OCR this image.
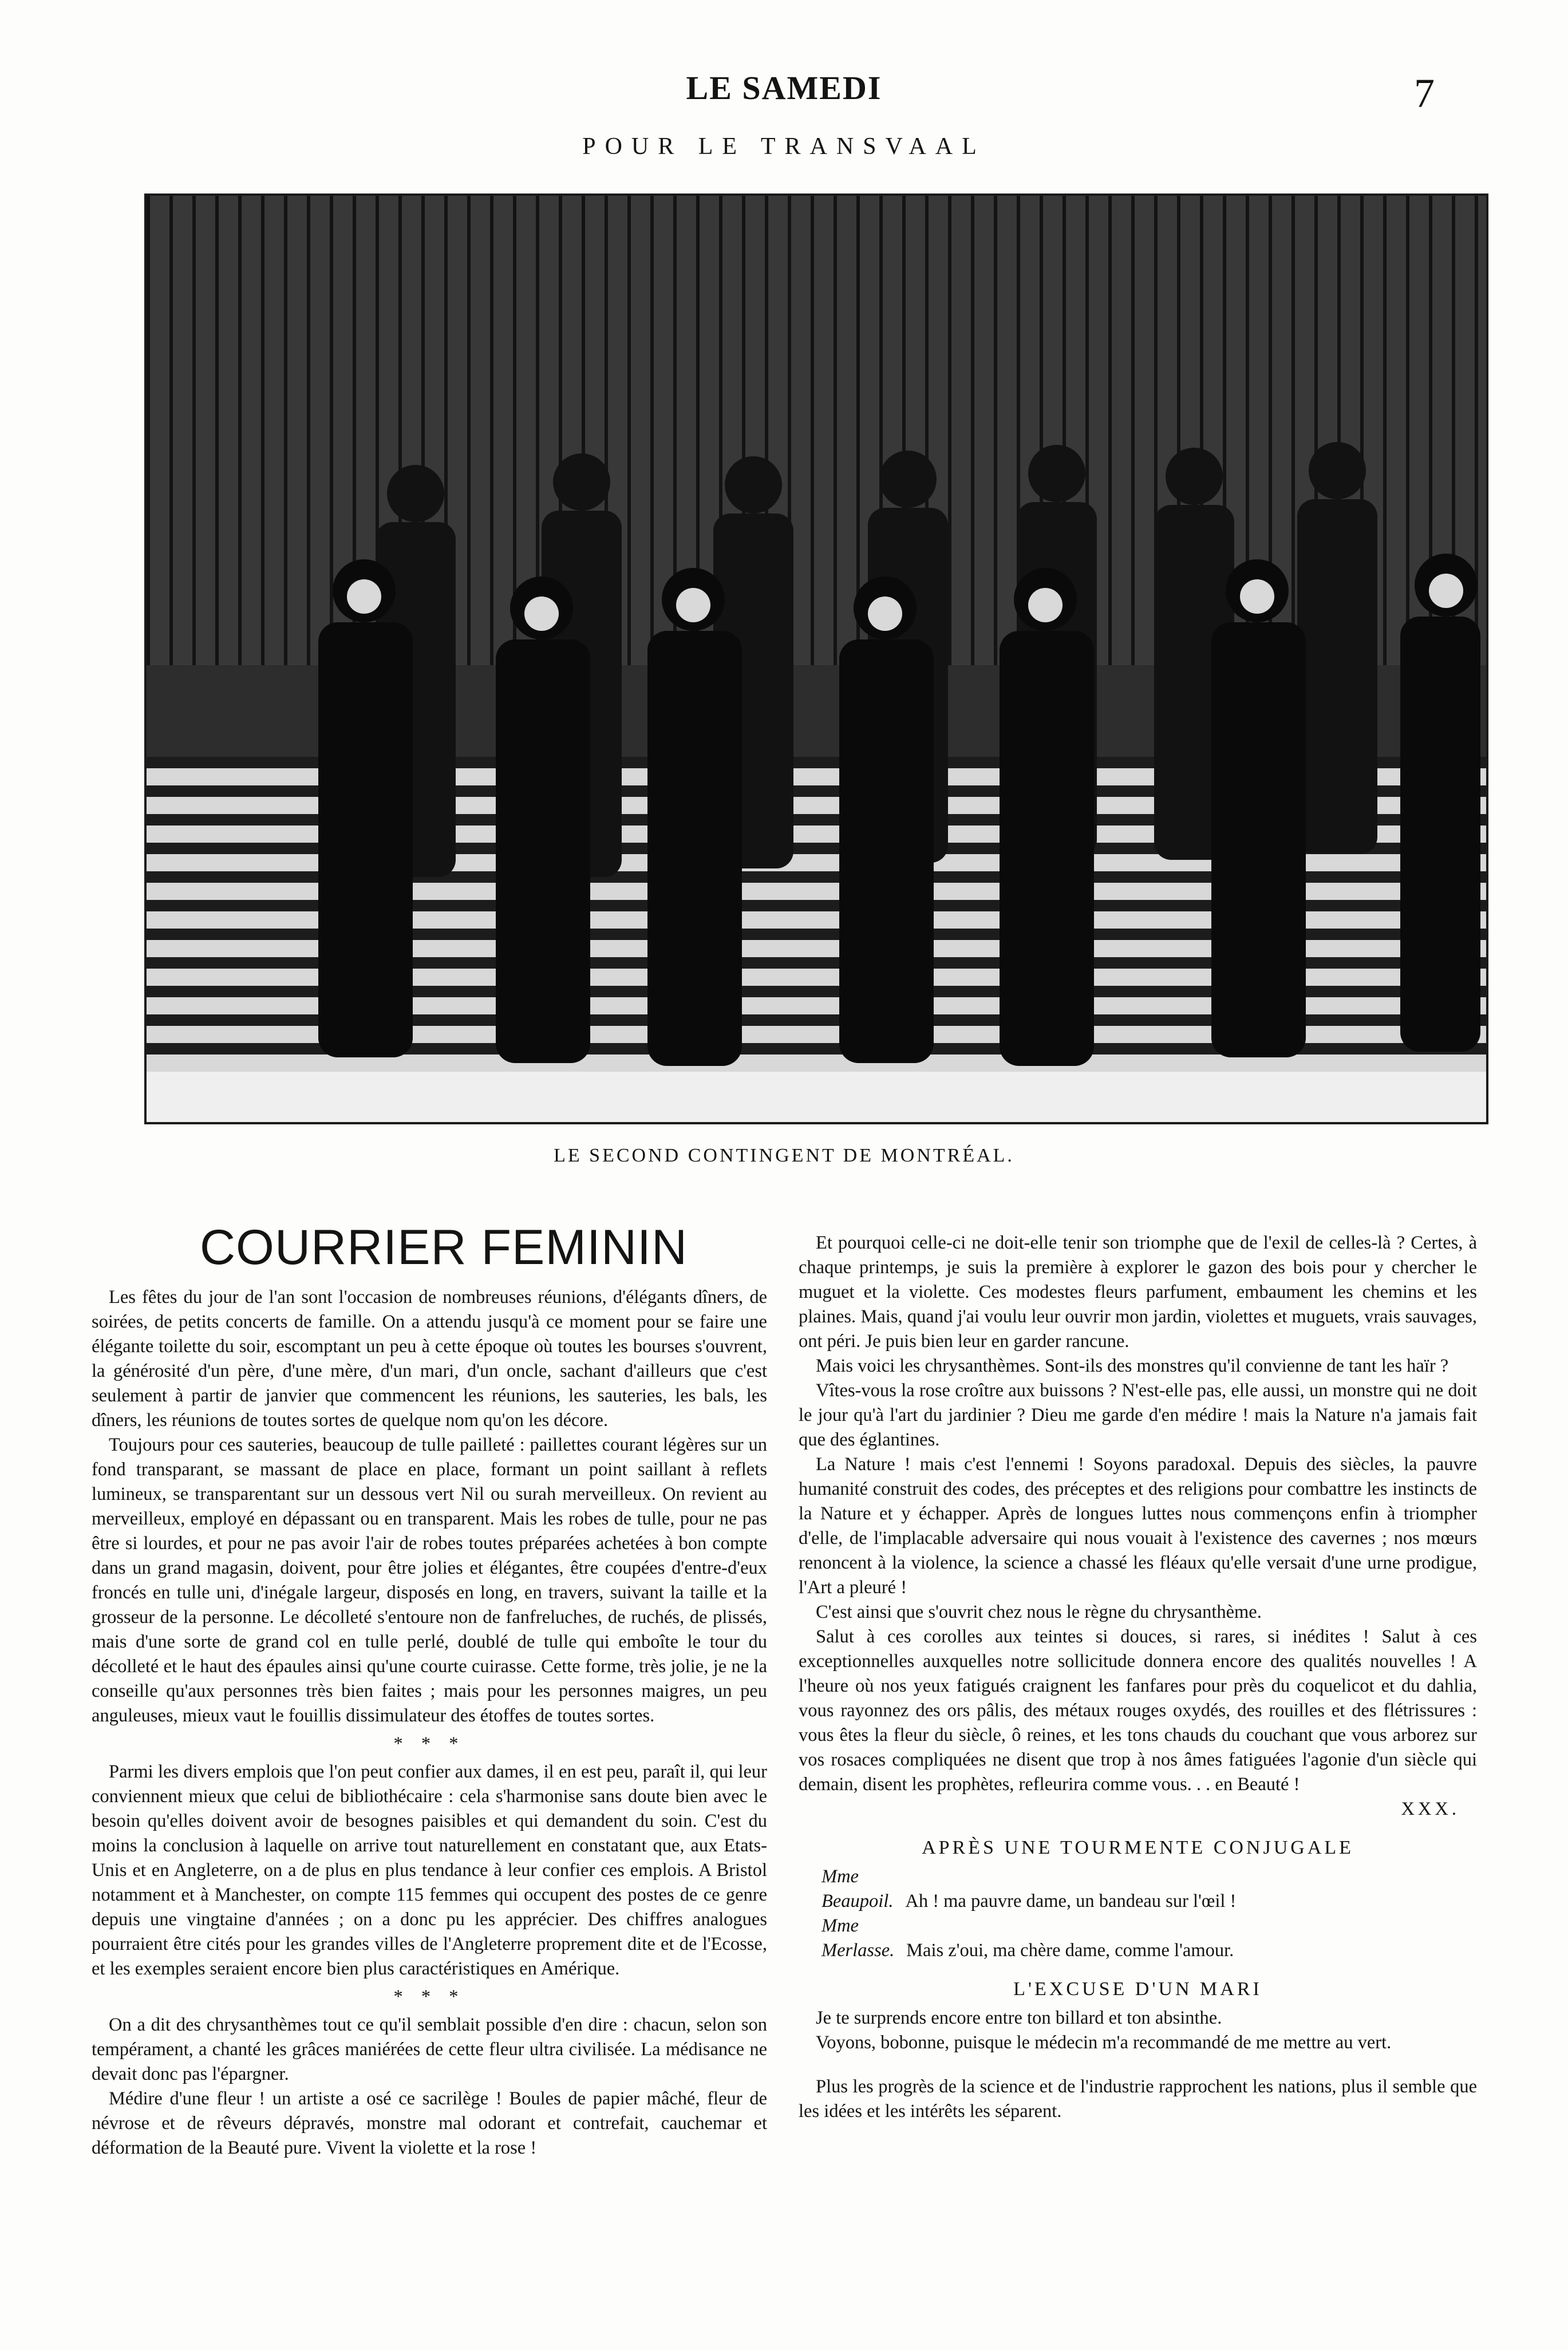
LE SAMEDI	7
POUR LE TRANSVAAL
LE SECOND CONTINGENT DE MONTRÉAL.
COURRIER FEMININ

Les fêtes du jour de l'an sont l'occasion de nombreuses réunions, d'élégants dîners, de soirées, de petits concerts de famille. On a attendu jusqu'à ce moment pour se faire une élégante toilette du soir, escomptant un peu à cette époque où toutes les bourses s'ouvrent, la générosité d'un père, d'une mère, d'un mari, d'un oncle, sachant d'ailleurs que c'est seulement à partir de janvier que commencent les réunions, les sauteries, les bals, les dîners, les réunions de toutes sortes de quelque nom qu'on les décore.

Toujours pour ces sauteries, beaucoup de tulle pailleté : paillettes courant légères sur un fond transparant, se massant de place en place, formant un point saillant à reflets lumineux, se transparentant sur un dessous vert Nil ou surah merveilleux. On revient au merveilleux, employé en dépassant ou en transparent. Mais les robes de tulle, pour ne pas être si lourdes, et pour ne pas avoir l'air de robes toutes préparées achetées à bon compte dans un grand magasin, doivent, pour être jolies et élégantes, être coupées d'entre-d'eux froncés en tulle uni, d'inégale largeur, disposés en long, en travers, suivant la taille et la grosseur de la personne. Le décolleté s'entoure non de fanfreluches, de ruchés, de plissés, mais d'une sorte de grand col en tulle perlé, doublé de tulle qui emboîte le tour du décolleté et le haut des épaules ainsi qu'une courte cuirasse. Cette forme, très jolie, je ne la conseille qu'aux personnes très bien faites ; mais pour les personnes maigres, un peu anguleuses, mieux vaut le fouillis dissimulateur des étoffes de toutes sortes.

* * *

Parmi les divers emplois que l'on peut confier aux dames, il en est peu, paraît il, qui leur conviennent mieux que celui de bibliothécaire : cela s'harmonise sans doute bien avec le besoin qu'elles doivent avoir de besognes paisibles et qui demandent du soin. C'est du moins la conclusion à laquelle on arrive tout naturellement en constatant que, aux Etats-Unis et en Angleterre, on a de plus en plus tendance à leur confier ces emplois. A Bristol notamment et à Manchester, on compte 115 femmes qui occupent des postes de ce genre depuis une vingtaine d'années ; on a donc pu les apprécier. Des chiffres analogues pourraient être cités pour les grandes villes de l'Angleterre proprement dite et de l'Ecosse, et les exemples seraient encore bien plus caractéristiques en Amérique.

* * *

On a dit des chrysanthèmes tout ce qu'il semblait possible d'en dire : chacun, selon son tempérament, a chanté les grâces maniérées de cette fleur ultra civilisée. La médisance ne devait donc pas l'épargner.

Médire d'une fleur ! un artiste a osé ce sacrilège ! Boules de papier mâché, fleur de névrose et de rêveurs dépravés, monstre mal odorant et contrefait, cauchemar et déformation de la Beauté pure. Vivent la violette et la rose !

Et pourquoi celle-ci ne doit-elle tenir son triomphe que de l'exil de celles-là ? Certes, à chaque printemps, je suis la première à explorer le gazon des bois pour y chercher le muguet et la violette. Ces modestes fleurs parfument, embaument les chemins et les plaines. Mais, quand j'ai voulu leur ouvrir mon jardin, violettes et muguets, vrais sauvages, ont péri. Je puis bien leur en garder rancune.

Mais voici les chrysanthèmes. Sont-ils des monstres qu'il convienne de tant les haïr ?

Vîtes-vous la rose croître aux buissons ? N'est-elle pas, elle aussi, un monstre qui ne doit le jour qu'à l'art du jardinier ? Dieu me garde d'en médire ! mais la Nature n'a jamais fait que des églantines.

La Nature ! mais c'est l'ennemi ! Soyons paradoxal. Depuis des siècles, la pauvre humanité construit des codes, des préceptes et des religions pour combattre les instincts de la Nature et y échapper. Après de longues luttes nous commençons enfin à triompher d'elle, de l'implacable adversaire qui nous vouait à l'existence des cavernes ; nos mœurs renoncent à la violence, la science a chassé les fléaux qu'elle versait d'une urne prodigue, l'Art a pleuré !

C'est ainsi que s'ouvrit chez nous le règne du chrysanthème.

Salut à ces corolles aux teintes si douces, si rares, si inédites ! Salut à ces exceptionnelles auxquelles notre sollicitude donnera encore des qualités nouvelles ! A l'heure où nos yeux fatigués craignent les fanfares pour près du coquelicot et du dahlia, vous rayonnez des ors pâlis, des métaux rouges oxydés, des rouilles et des flétrissures : vous êtes la fleur du siècle, ô reines, et les tons chauds du couchant que vous arborez sur vos rosaces compliquées ne disent que trop à nos âmes fatiguées l'agonie d'un siècle qui demain, disent les prophètes, refleurira comme vous. . . en Beauté !

XXX.

APRÈS UNE TOURMENTE CONJUGALE

Mme Beaupoil. Ah ! ma pauvre dame, un bandeau sur l'œil !

Mme Merlasse. Mais z'oui, ma chère dame, comme l'amour.

L'EXCUSE D'UN MARI

Je te surprends encore entre ton billard et ton absinthe.

Voyons, bobonne, puisque le médecin m'a recommandé de me mettre au vert.

Plus les progrès de la science et de l'industrie rapprochent les nations, plus il semble que les idées et les intérêts les séparent.
